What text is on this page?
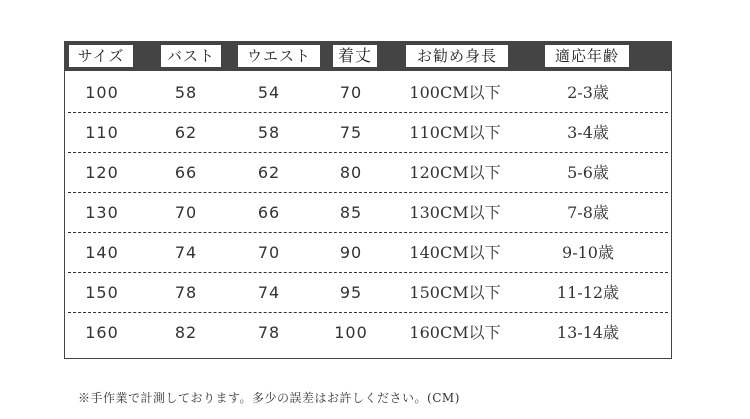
サイズ	バスト	ウエスト	着丈	お勧め身長	適応年齢
100	58	54	70	100CM以下	2-3歳
110	62	58	75	110CM以下	3-4歳
120	66	62	80	120CM以下	5-6歳
130	70	66	85	130CM以下	7-8歳
140	74	70	90	140CM以下	9-10歳
150	78	74	95	150CM以下	11-12歳
160	82	78	100	160CM以下	13-14歳
※手作業で計測しております。多少の誤差はお許しください。(CM)
